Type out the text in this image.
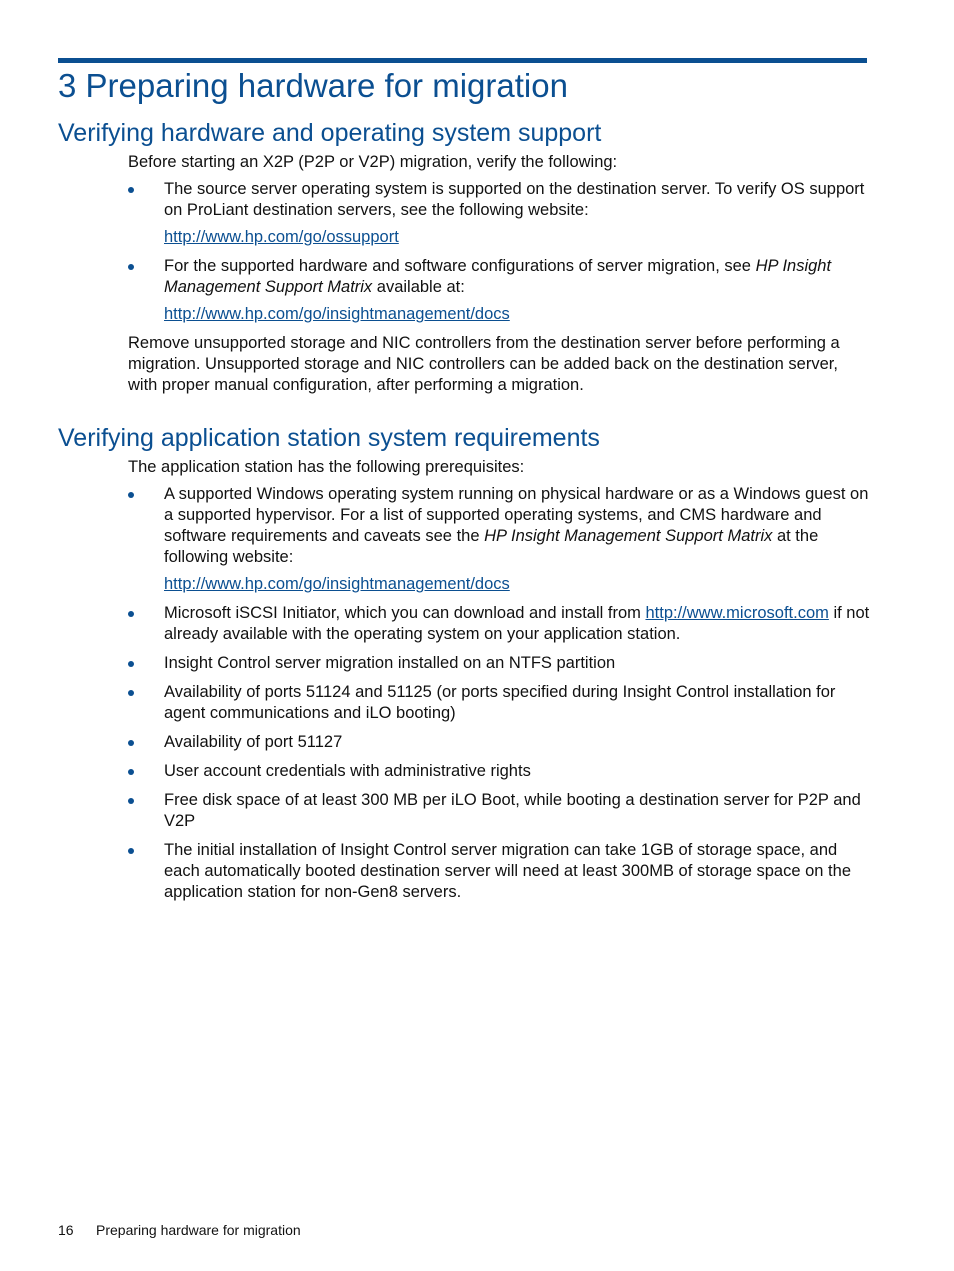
3 Preparing hardware for migration
Verifying hardware and operating system support
Before starting an X2P (P2P or V2P) migration, verify the following:
The source server operating system is supported on the destination server. To verify OS support on ProLiant destination servers, see the following website:
http://www.hp.com/go/ossupport
For the supported hardware and software configurations of server migration, see HP Insight Management Support Matrix available at:
http://www.hp.com/go/insightmanagement/docs
Remove unsupported storage and NIC controllers from the destination server before performing a migration. Unsupported storage and NIC controllers can be added back on the destination server, with proper manual configuration, after performing a migration.
Verifying application station system requirements
The application station has the following prerequisites:
A supported Windows operating system running on physical hardware or as a Windows guest on a supported hypervisor. For a list of supported operating systems, and CMS hardware and software requirements and caveats see the HP Insight Management Support Matrix at the following website:
http://www.hp.com/go/insightmanagement/docs
Microsoft iSCSI Initiator, which you can download and install from http://www.microsoft.com if not already available with the operating system on your application station.
Insight Control server migration installed on an NTFS partition
Availability of ports 51124 and 51125 (or ports specified during Insight Control installation for agent communications and iLO booting)
Availability of port 51127
User account credentials with administrative rights
Free disk space of at least 300 MB per iLO Boot, while booting a destination server for P2P and V2P
The initial installation of Insight Control server migration can take 1GB of storage space, and each automatically booted destination server will need at least 300MB of storage space on the application station for non-Gen8 servers.
16 Preparing hardware for migration
